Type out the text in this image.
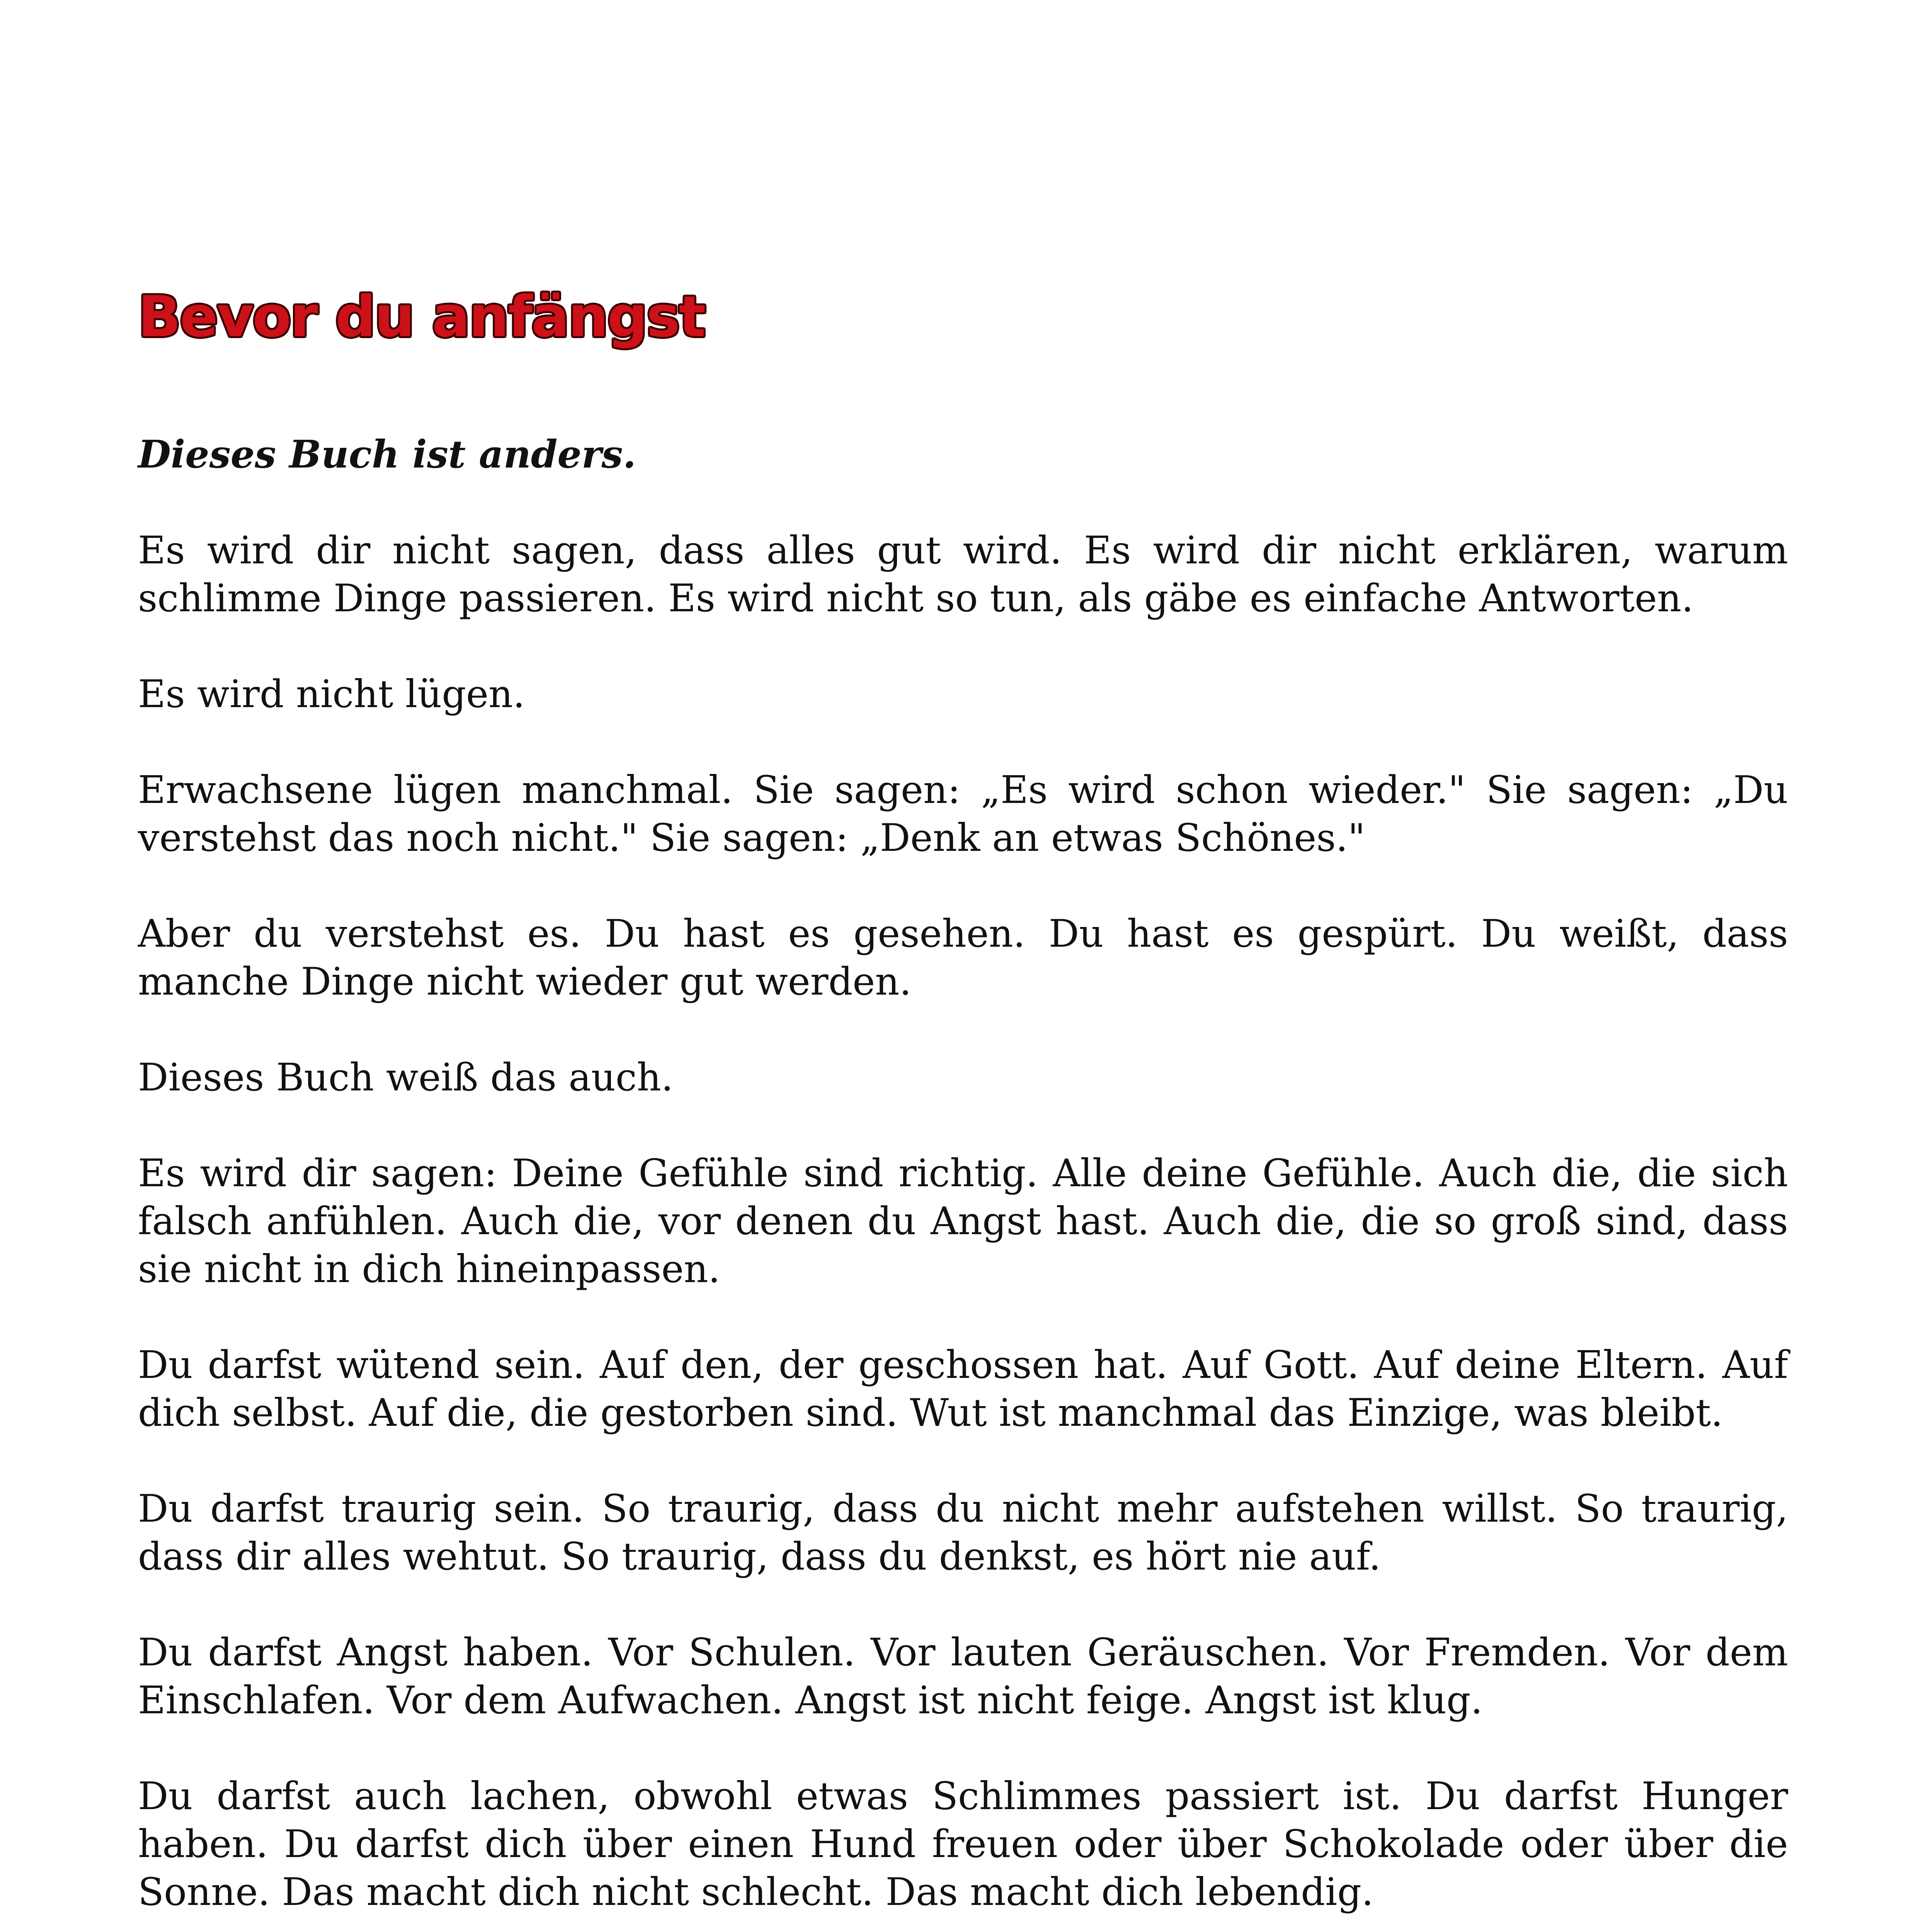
Bevor du anfängst

Dieses Buch ist anders.

Es wird dir nicht sagen, dass alles gut wird. Es wird dir nicht erklären, warum schlimme Dinge passieren. Es wird nicht so tun, als gäbe es einfache Antworten.

Es wird nicht lügen.

Erwachsene lügen manchmal. Sie sagen: „Es wird schon wieder." Sie sagen: „Du verstehst das noch nicht." Sie sagen: „Denk an etwas Schönes."

Aber du verstehst es. Du hast es gesehen. Du hast es gespürt. Du weißt, dass manche Dinge nicht wieder gut werden.

Dieses Buch weiß das auch.

Es wird dir sagen: Deine Gefühle sind richtig. Alle deine Gefühle. Auch die, die sich falsch anfühlen. Auch die, vor denen du Angst hast. Auch die, die so groß sind, dass sie nicht in dich hineinpassen.

Du darfst wütend sein. Auf den, der geschossen hat. Auf Gott. Auf deine Eltern. Auf dich selbst. Auf die, die gestorben sind. Wut ist manchmal das Einzige, was bleibt.

Du darfst traurig sein. So traurig, dass du nicht mehr aufstehen willst. So traurig, dass dir alles wehtut. So traurig, dass du denkst, es hört nie auf.

Du darfst Angst haben. Vor Schulen. Vor lauten Geräuschen. Vor Fremden. Vor dem Einschlafen. Vor dem Aufwachen. Angst ist nicht feige. Angst ist klug.

Du darfst auch lachen, obwohl etwas Schlimmes passiert ist. Du darfst Hunger haben. Du darfst dich über einen Hund freuen oder über Schokolade oder über die Sonne. Das macht dich nicht schlecht. Das macht dich lebendig.
